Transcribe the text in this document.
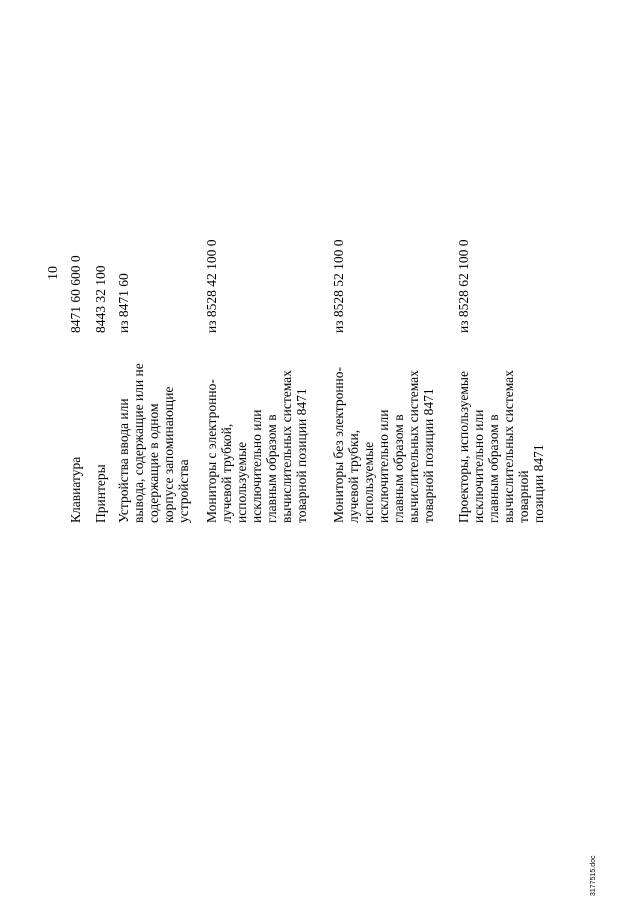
10
Клавиатура
8471 60 600 0
Принтеры
8443 32 100
Устройства ввода или
вывода, содержащие или не
содержащие в одном
корпусе запоминающие
устройства
из 8471 60
Мониторы с электронно-
лучевой трубкой,
используемые
исключительно или
главным образом в
вычислительных системах
товарной позиции 8471
из 8528 42 100 0
Мониторы без электронно-
лучевой трубки,
используемые
исключительно или
главным образом в
вычислительных системах
товарной позиции 8471
из 8528 52 100 0
Проекторы, используемые
исключительно или
главным образом в
вычислительных системах
товарной
позиции 8471
из 8528 62 100 0
3177515.doc
